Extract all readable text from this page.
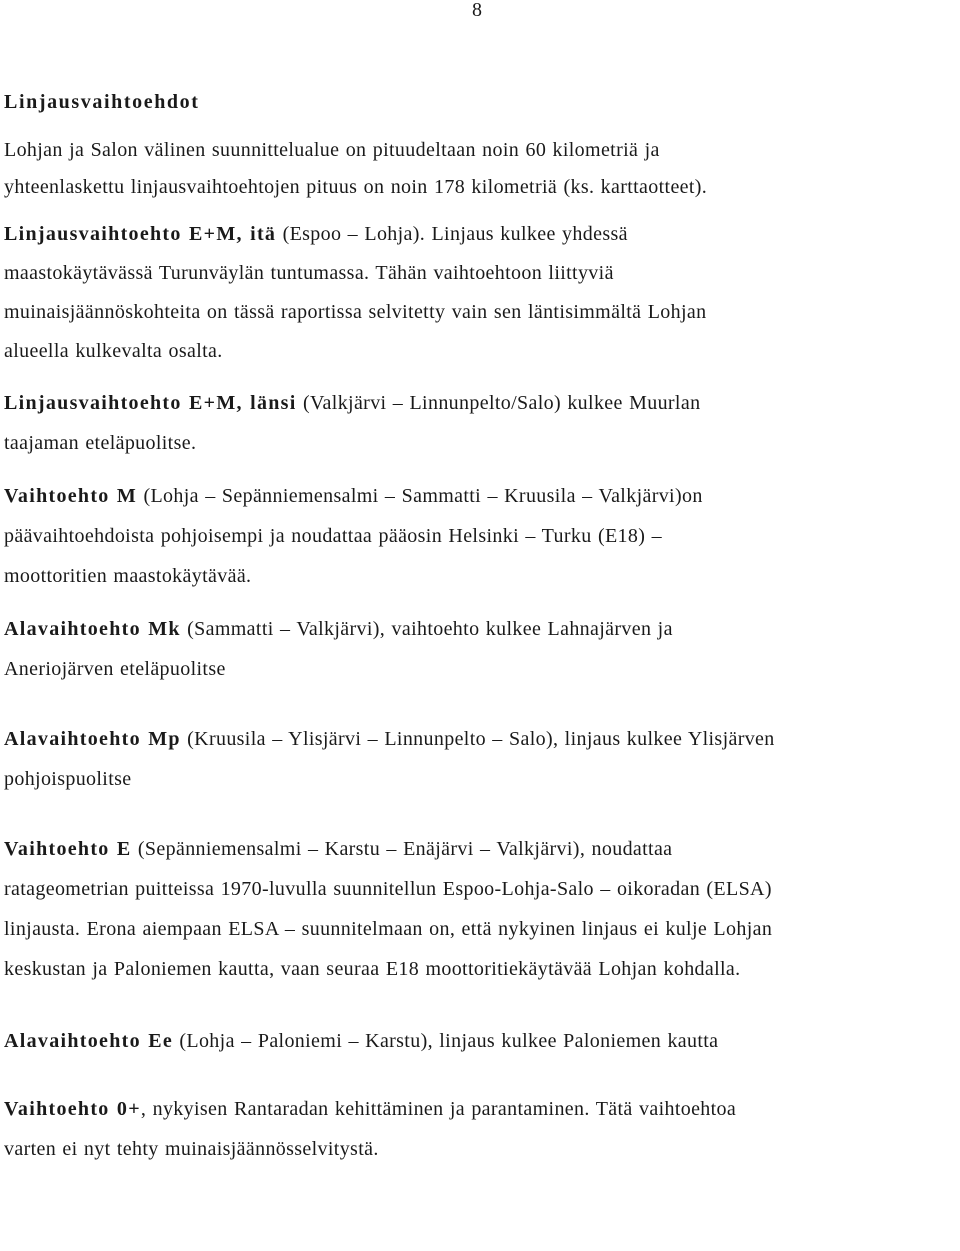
8
Linjausvaihtoehdot
Lohjan ja Salon välinen suunnittelualue on pituudeltaan noin 60 kilometriä ja
yhteenlaskettu linjausvaihtoehtojen pituus on noin 178 kilometriä (ks. karttaotteet).
Linjausvaihtoehto E+M, itä (Espoo – Lohja). Linjaus kulkee yhdessä
maastokäytävässä Turunväylän tuntumassa. Tähän vaihtoehtoon liittyviä
muinaisjäännöskohteita on tässä raportissa selvitetty vain sen läntisimmältä Lohjan
alueella kulkevalta osalta.
Linjausvaihtoehto E+M, länsi (Valkjärvi – Linnunpelto/Salo) kulkee Muurlan
taajaman eteläpuolitse.
Vaihtoehto M (Lohja – Sepänniemensalmi – Sammatti – Kruusila – Valkjärvi)on
päävaihtoehdoista pohjoisempi ja noudattaa pääosin Helsinki – Turku (E18) –
moottoritien maastokäytävää.
Alavaihtoehto Mk (Sammatti – Valkjärvi), vaihtoehto kulkee Lahnajärven ja
Aneriojärven eteläpuolitse
Alavaihtoehto Mp (Kruusila – Ylisjärvi – Linnunpelto – Salo), linjaus kulkee Ylisjärven
pohjoispuolitse
Vaihtoehto E (Sepänniemensalmi – Karstu – Enäjärvi – Valkjärvi), noudattaa
ratageometrian puitteissa 1970-luvulla suunnitellun Espoo-Lohja-Salo – oikoradan (ELSA)
linjausta. Erona aiempaan ELSA – suunnitelmaan on, että nykyinen linjaus ei kulje Lohjan
keskustan ja Paloniemen kautta, vaan seuraa E18 moottoritiekäytävää Lohjan kohdalla.
Alavaihtoehto Ee (Lohja – Paloniemi – Karstu), linjaus kulkee Paloniemen kautta
Vaihtoehto 0+, nykyisen Rantaradan kehittäminen ja parantaminen. Tätä vaihtoehtoa
varten ei nyt tehty muinaisjäännösselvitystä.
